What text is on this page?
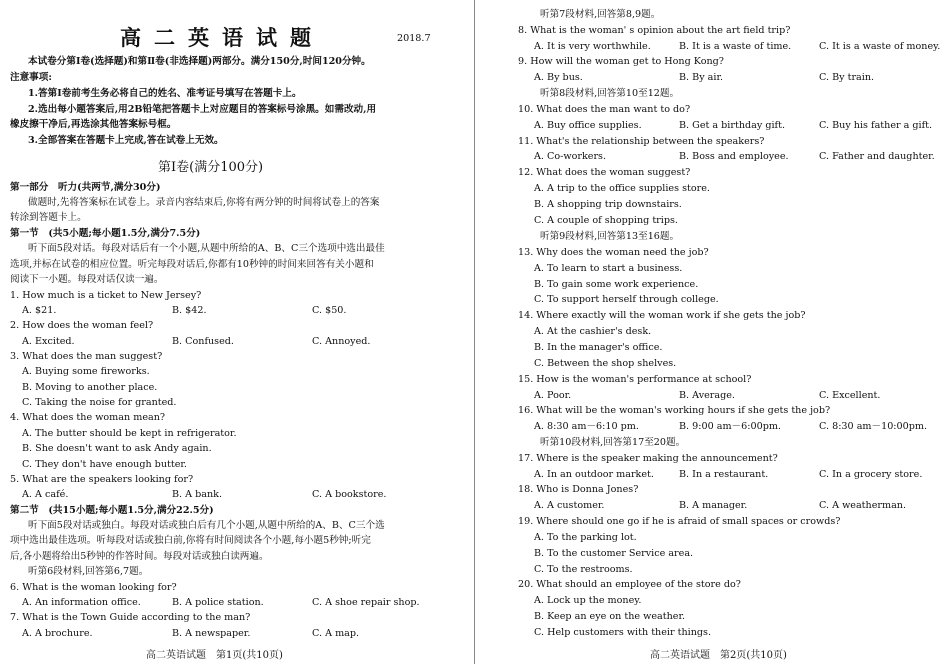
高二英语试题	2018.7
本试卷分第Ⅰ卷(选择题)和第Ⅱ卷(非选择题)两部分。满分150分,时间120分钟。
注意事项:
1.答第Ⅰ卷前考生务必将自己的姓名、准考证号填写在答题卡上。
2.选出每小题答案后,用2B铅笔把答题卡上对应题目的答案标号涂黑。如需改动,用
橡皮擦干净后,再选涂其他答案标号框。
3.全部答案在答题卡上完成,答在试卷上无效。
第Ⅰ卷(满分100分)
第一部分　听力(共两节,满分30分)
做题时,先将答案标在试卷上。录音内容结束后,你将有两分钟的时间将试卷上的答案
转涂到答题卡上。
第一节　(共5小题;每小题1.5分,满分7.5分)
听下面5段对话。每段对话后有一个小题,从题中所给的A、B、C三个选项中选出最佳
选项,并标在试卷的相应位置。听完每段对话后,你都有10秒钟的时间来回答有关小题和
阅读下一小题。每段对话仅读一遍。
1. How much is a ticket to New Jersey?
A. $21.	B. $42.	C. $50.
2. How does the woman feel?
A. Excited.	B. Confused.	C. Annoyed.
3. What does the man suggest?
A. Buying some fireworks.
B. Moving to another place.
C. Taking the noise for granted.
4. What does the woman mean?
A. The butter should be kept in refrigerator.
B. She doesn't want to ask Andy again.
C. They don't have enough butter.
5. What are the speakers looking for?
A. A café.	B. A bank.	C. A bookstore.
第二节　(共15小题;每小题1.5分,满分22.5分)
听下面5段对话或独白。每段对话或独白后有几个小题,从题中所给的A、B、C三个选
项中选出最佳选项。听每段对话或独白前,你将有时间阅读各个小题,每小题5秒钟;听完
后,各小题将给出5秒钟的作答时间。每段对话或独白读两遍。
听第6段材料,回答第6,7题。
6. What is the woman looking for?
A. An information office.	B. A police station.	C. A shoe repair shop.
7. What is the Town Guide according to the man?
A. A brochure.	B. A newspaper.	C. A map.
高二英语试题　第1页(共10页)
听第7段材料,回答第8,9题。
8. What is the woman' s opinion about the art field trip?
A. It is very worthwhile.	B. It is a waste of time.	C. It is a waste of money.
9. How will the woman get to Hong Kong?
A. By bus.	B. By air.	C. By train.
听第8段材料,回答第10至12题。
10. What does the man want to do?
A. Buy office supplies.	B. Get a birthday gift.	C. Buy his father a gift.
11. What's the relationship between the speakers?
A. Co-workers.	B. Boss and employee.	C. Father and daughter.
12. What does the woman suggest?
A. A trip to the office supplies store.
B. A shopping trip downstairs.
C. A couple of shopping trips.
听第9段材料,回答第13至16题。
13. Why does the woman need the job?
A. To learn to start a business.
B. To gain some work experience.
C. To support herself through college.
14. Where exactly will the woman work if she gets the job?
A. At the cashier's desk.
B. In the manager's office.
C. Between the shop shelves.
15. How is the woman's performance at school?
A. Poor.	B. Average.	C. Excellent.
16. What will be the woman's working hours if she gets the job?
A. 8:30 am－6:10 pm.	B. 9:00 am－6:00pm.	C. 8:30 am－10:00pm.
听第10段材料,回答第17至20题。
17. Where is the speaker making the announcement?
A. In an outdoor market.	B. In a restaurant.	C. In a grocery store.
18. Who is Donna Jones?
A. A customer.	B. A manager.	C. A weatherman.
19. Where should one go if he is afraid of small spaces or crowds?
A. To the parking lot.
B. To the customer Service area.
C. To the restrooms.
20. What should an employee of the store do?
A. Lock up the money.
B. Keep an eye on the weather.
C. Help customers with their things.
高二英语试题　第2页(共10页)
